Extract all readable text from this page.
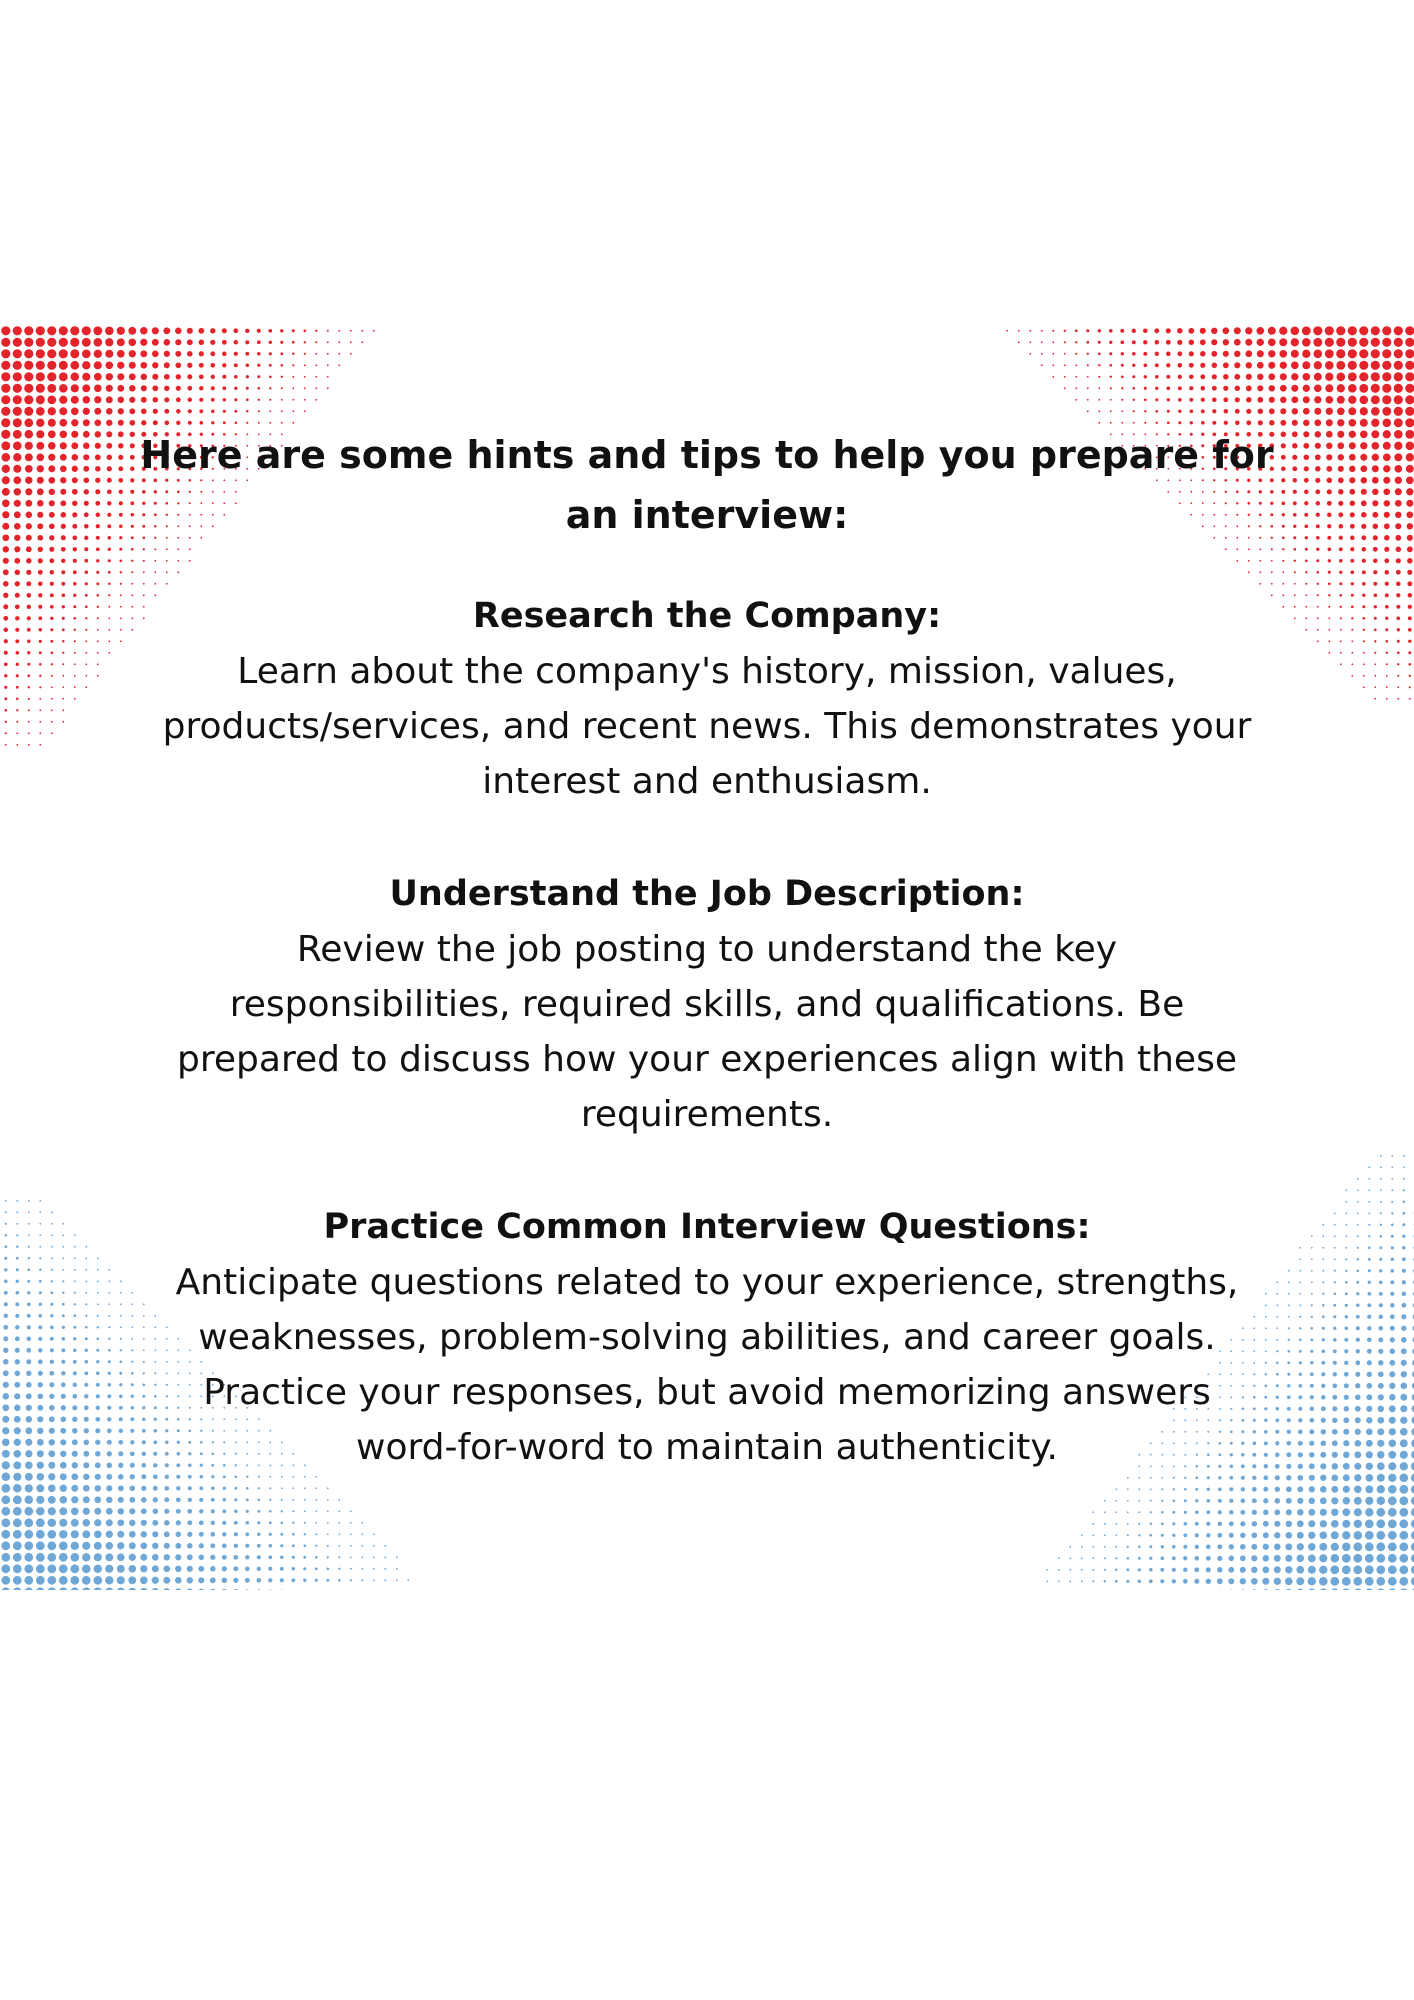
Here are some hints and tips to help you prepare for an interview:

Research the Company:

Learn about the company's history, mission, values, products/services, and recent news. This demonstrates your interest and enthusiasm.

Understand the Job Description:

Review the job posting to understand the key responsibilities, required skills, and qualifications. Be prepared to discuss how your experiences align with these requirements.

Practice Common Interview Questions:

Anticipate questions related to your experience, strengths, weaknesses, problem-solving abilities, and career goals. Practice your responses, but avoid memorizing answers word-for-word to maintain authenticity.
